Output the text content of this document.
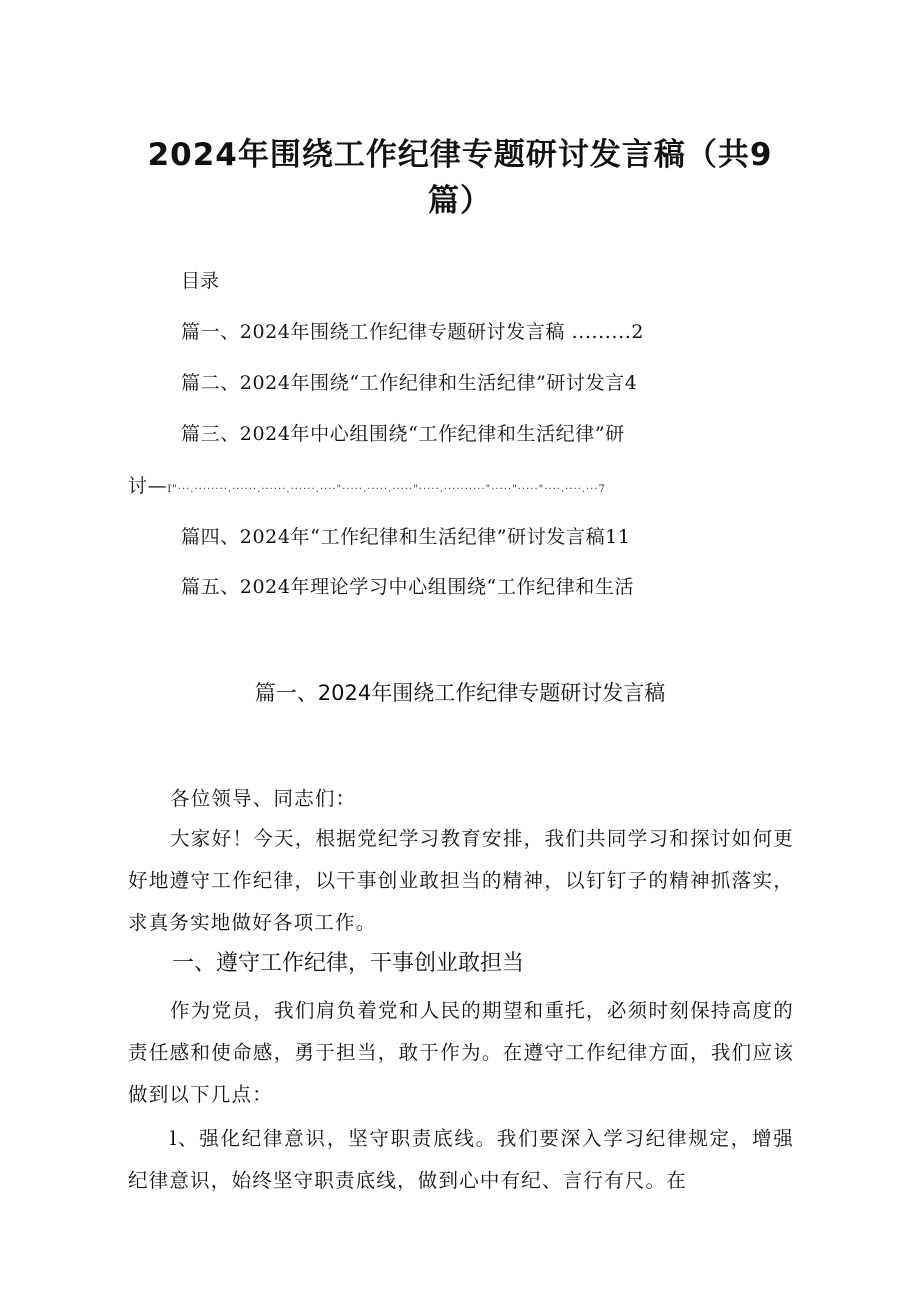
2024年围绕工作纪律专题研讨发言稿（共9
篇）
目录
篇一、2024年围绕工作纪律专题研讨发言稿 .........2
篇二、2024年围绕“工作纪律和生活纪律”研讨发言4
篇三、2024年中心组围绕“工作纪律和生活纪律”研
讨—I"···.········.······.······.······.····"·····.·····.·····"·····.··········"·····"·····"····.····.···7
篇四、2024年“工作纪律和生活纪律”研讨发言稿11
篇五、2024年理论学习中心组围绕“工作纪律和生活
篇一、2024年围绕工作纪律专题研讨发言稿
各位领导、同志们：
大家好！今天，根据党纪学习教育安排，我们共同学习和探讨如何更好地遵守工作纪律，以干事创业敢担当的精神，以钉钉子的精神抓落实，求真务实地做好各项工作。
一、遵守工作纪律，干事创业敢担当
作为党员，我们肩负着党和人民的期望和重托，必须时刻保持高度的责任感和使命感，勇于担当，敢于作为。在遵守工作纪律方面，我们应该做到以下几点：
l、强化纪律意识，坚守职责底线。我们要深入学习纪律规定，增强纪律意识，始终坚守职责底线，做到心中有纪、言行有尺。在
